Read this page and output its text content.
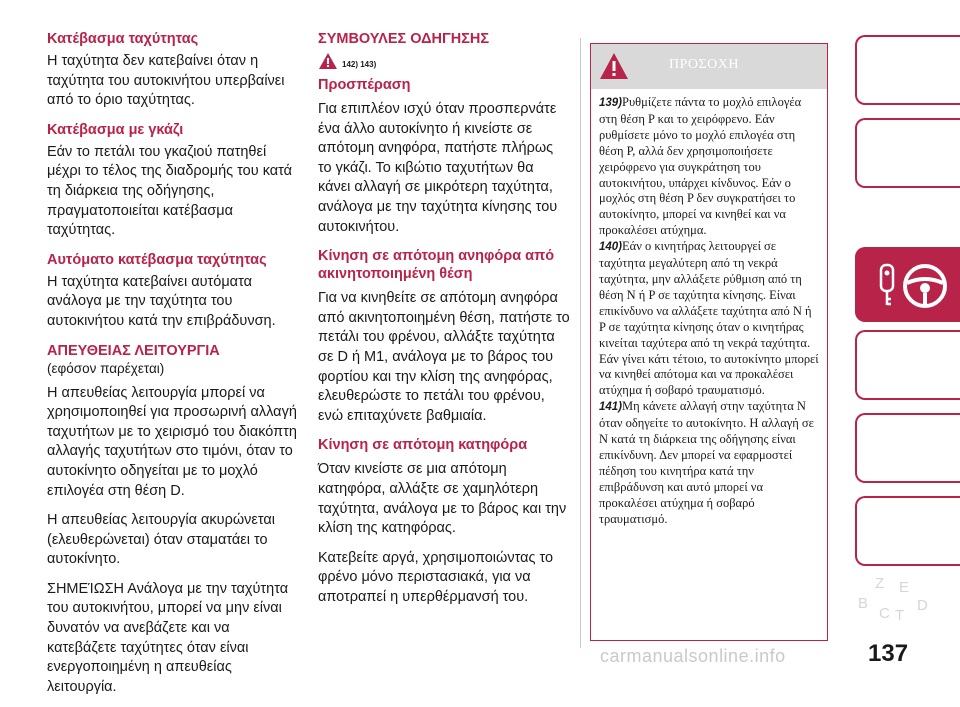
Κατέβασμα ταχύτητας
Η ταχύτητα δεν κατεβαίνει όταν η ταχύτητα του αυτοκινήτου υπερβαίνει από το όριο ταχύτητας.
Κατέβασμα με γκάζι
Εάν το πετάλι του γκαζιού πατηθεί μέχρι το τέλος της διαδρομής του κατά τη διάρκεια της οδήγησης, πραγματοποιείται κατέβασμα ταχύτητας.
Αυτόματο κατέβασμα ταχύτητας
Η ταχύτητα κατεβαίνει αυτόματα ανάλογα με την ταχύτητα του αυτοκινήτου κατά την επιβράδυνση.
ΑΠΕΥΘΕΙΑΣ ΛΕΙΤΟΥΡΓΙΑ
(εφόσον παρέχεται)
Η απευθείας λειτουργία μπορεί να χρησιμοποιηθεί για προσωρινή αλλαγή ταχυτήτων με το χειρισμό του διακόπτη αλλαγής ταχυτήτων στο τιμόνι, όταν το αυτοκίνητο οδηγείται με το μοχλό επιλογέα στη θέση D.
Η απευθείας λειτουργία ακυρώνεται (ελευθερώνεται) όταν σταματάει το αυτοκίνητο.
ΣΗΜΕΊΩΣΗ Ανάλογα με την ταχύτητα του αυτοκινήτου, μπορεί να μην είναι δυνατόν να ανεβάζετε και να κατεβάζετε ταχύτητες όταν είναι ενεργοποιημένη η απευθείας λειτουργία.
ΣΥΜΒΟΥΛΕΣ ΟΔΗΓΗΣΗΣ
142) 143)
Προσπέραση
Για επιπλέον ισχύ όταν προσπερνάτε ένα άλλο αυτοκίνητο ή κινείστε σε απότομη ανηφόρα, πατήστε πλήρως το γκάζι. Το κιβώτιο ταχυτήτων θα κάνει αλλαγή σε μικρότερη ταχύτητα, ανάλογα με την ταχύτητα κίνησης του αυτοκινήτου.
Κίνηση σε απότομη ανηφόρα από ακινητοποιημένη θέση
Για να κινηθείτε σε απότομη ανηφόρα από ακινητοποιημένη θέση, πατήστε το πετάλι του φρένου, αλλάξτε ταχύτητα σε D ή M1, ανάλογα με το βάρος του φορτίου και την κλίση της ανηφόρας, ελευθερώστε το πετάλι του φρένου, ενώ επιταχύνετε βαθμιαία.
Κίνηση σε απότομη κατηφόρα
Όταν κινείστε σε μια απότομη κατηφόρα, αλλάξτε σε χαμηλότερη ταχύτητα, ανάλογα με το βάρος και την κλίση της κατηφόρας.
Κατεβείτε αργά, χρησιμοποιώντας το φρένο μόνο περιστασιακά, για να αποτραπεί η υπερθέρμανσή του.
ΠΡΟΣΟΧΗ

139)Ρυθμίζετε πάντα το μοχλό επιλογέα στη θέση P και το χειρόφρενο. Εάν ρυθμίσετε μόνο το μοχλό επιλογέα στη θέση P, αλλά δεν χρησιμοποιήσετε χειρόφρενο για συγκράτηση του αυτοκινήτου, υπάρχει κίνδυνος. Εάν ο μοχλός στη θέση P δεν συγκρατήσει το αυτοκίνητο, μπορεί να κινηθεί και να προκαλέσει ατύχημα.

140)Εάν ο κινητήρας λειτουργεί σε ταχύτητα μεγαλύτερη από τη νεκρά ταχύτητα, μην αλλάξετε ρύθμιση από τη θέση N ή P σε ταχύτητα κίνησης. Είναι επικίνδυνο να αλλάξετε ταχύτητα από N ή P σε ταχύτητα κίνησης όταν ο κινητήρας κινείται ταχύτερα από τη νεκρά ταχύτητα. Εάν γίνει κάτι τέτοιο, το αυτοκίνητο μπορεί να κινηθεί απότομα και να προκαλέσει ατύχημα ή σοβαρό τραυματισμό.

141)Μη κάνετε αλλαγή στην ταχύτητα N όταν οδηγείτε το αυτοκίνητο. Η αλλαγή σε N κατά τη διάρκεια της οδήγησης είναι επικίνδυνη. Δεν μπορεί να εφαρμοστεί πέδηση του κινητήρα κατά την επιβράδυνση και αυτό μπορεί να προκαλέσει ατύχημα ή σοβαρό τραυματισμό.

Z E
B
C T
D
137
carmanualsonline.info
